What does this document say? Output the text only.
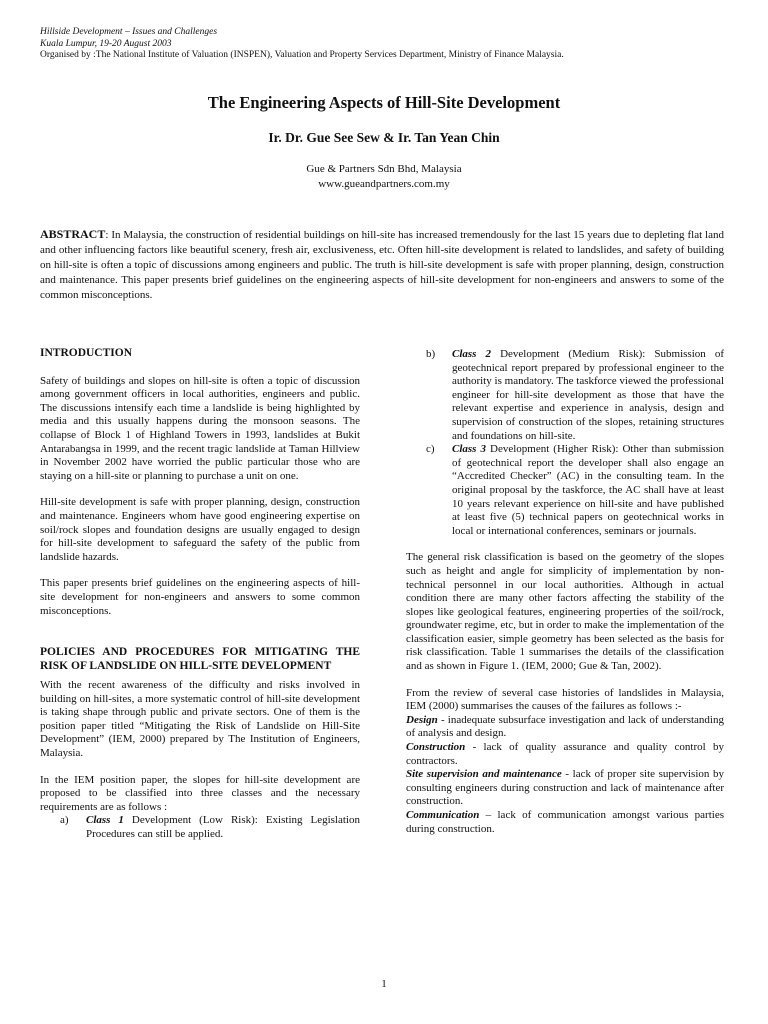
Hillside Development – Issues and Challenges
Kuala Lumpur, 19-20 August 2003
Organised by :The National Institute of Valuation (INSPEN), Valuation and Property Services Department, Ministry of Finance Malaysia.
The Engineering Aspects of Hill-Site Development
Ir. Dr. Gue See Sew & Ir. Tan Yean Chin
Gue & Partners Sdn Bhd, Malaysia
www.gueandpartners.com.my
ABSTRACT: In Malaysia, the construction of residential buildings on hill-site has increased tremendously for the last 15 years due to depleting flat land and other influencing factors like beautiful scenery, fresh air, exclusiveness, etc. Often hill-site development is related to landslides, and safety of building on hill-site is often a topic of discussions among engineers and public. The truth is hill-site development is safe with proper planning, design, construction and maintenance. This paper presents brief guidelines on the engineering aspects of hill-site development for non-engineers and answers to some of the common misconceptions.
INTRODUCTION

Safety of buildings and slopes on hill-site is often a topic of discussion among government officers in local authorities, engineers and public. The discussions intensify each time a landslide is being highlighted by media and this usually happens during the monsoon seasons. The collapse of Block 1 of Highland Towers in 1993, landslides at Bukit Antarabangsa in 1999, and the recent tragic landslide at Taman Hillview in November 2002 have worried the public particular those who are staying on a hill-site or planning to purchase a unit on one.

Hill-site development is safe with proper planning, design, construction and maintenance. Engineers whom have good engineering expertise on soil/rock slopes and foundation designs are usually engaged to design for hill-site development to safeguard the safety of the public from landslide hazards.

This paper presents brief guidelines on the engineering aspects of hill-site development for non-engineers and answers to some common misconceptions.

POLICIES AND PROCEDURES FOR MITIGATING THE RISK OF LANDSLIDE ON HILL-SITE DEVELOPMENT

With the recent awareness of the difficulty and risks involved in building on hill-sites, a more systematic control of hill-site development is taking shape through public and private sectors. One of them is the position paper titled “Mitigating the Risk of Landslide on Hill-Site Development” (IEM, 2000) prepared by The Institution of Engineers, Malaysia.

In the IEM position paper, the slopes for hill-site development are proposed to be classified into three classes and the necessary requirements are as follows :

a)	Class 1 Development (Low Risk): Existing Legislation Procedures can still be applied.
b)	Class 2 Development (Medium Risk): Submission of geotechnical report prepared by professional engineer to the authority is mandatory. The taskforce viewed the professional engineer for hill-site development as those that have the relevant expertise and experience in analysis, design and supervision of construction of the slopes, retaining structures and foundations on hill-site.
c)	Class 3 Development (Higher Risk): Other than submission of geotechnical report the developer shall also engage an “Accredited Checker” (AC) in the consulting team. In the original proposal by the taskforce, the AC shall have at least 10 years relevant experience on hill-site and have published at least five (5) technical papers on geotechnical works in local or international conferences, seminars or journals.

The general risk classification is based on the geometry of the slopes such as height and angle for simplicity of implementation by non-technical personnel in our local authorities. Although in actual condition there are many other factors affecting the stability of the slopes like geological features, engineering properties of the soil/rock, groundwater regime, etc, but in order to make the implementation of the classification easier, simple geometry has been selected as the basis for risk classification. Table 1 summarises the details of the classification and as shown in Figure 1. (IEM, 2000; Gue & Tan, 2002).

From the review of several case histories of landslides in Malaysia, IEM (2000) summarises the causes of the failures as follows :-

Design - inadequate subsurface investigation and lack of understanding of analysis and design.
Construction - lack of quality assurance and quality control by contractors.
Site supervision and maintenance - lack of proper site supervision by consulting engineers during construction and lack of maintenance after construction.
Communication – lack of communication amongst various parties during construction.
1
